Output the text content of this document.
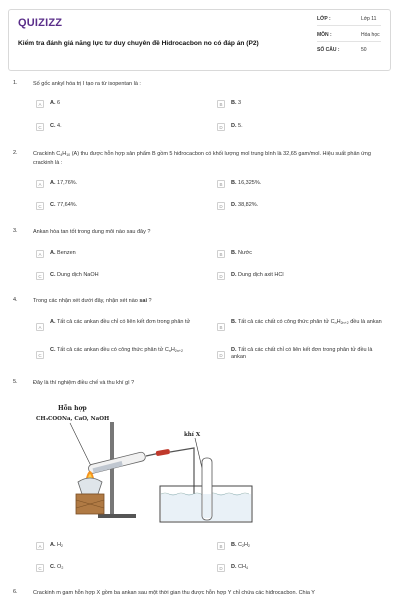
QUIZIZZ
Kiểm tra đánh giá năng lực tư duy chuyên đề Hidrocacbon no có đáp án (P2)
LỚP :	Lớp 11
MÔN :	Hóa học
SỐ CÂU :	50
1.	Số gốc ankyl hóa trị I tạo ra từ isopentan là :
A	A. 6	B	B. 3
C	C. 4.	D	D. 5.
2.	Crackinh $C_4H_{10}$ (A) thu được hỗn hợp sản phẩm B gồm 5 hiđrocacbon có khối lượng mol trung bình là 32,65 gam/mol. Hiệu suất phản ứng crackinh là :
A	A. 17,76%.	B	B. 16,325%.
C	C. 77,64%.	D	D. 38,82%.
3.	Ankan hòa tan tốt trong dung môi nào sau đây ?
A	A. Benzen	B	B. Nước
C	C. Dung dịch NaOH	D	D. Dung dịch axit HCl
4.	Trong các nhận xét dưới đây, nhận xét nào sai ?
A
A. Tất cả các ankan đều chỉ có liên kết đơn trong phân tử
B
B. Tất cả các chất có công thức phân tử $C_nH_{2n+2}$ đều là ankan
C
C. Tất cả các ankan đều có công thức phân tử $C_nH_{2n+2}$
D
D. Tất cả các chất chỉ có liên kết đơn trong phân tử đều là ankan
5.	Đây là thí nghiệm điều chế và thu khí gì ?
Hỗn hợp
CH₃COONa, CaO, NaOH
khí X
A	A. $H_2$	B	B. $C_2H_2$
C	C. $O_2$	D	D. $CH_4$
6.	Crackinh m gam hỗn hợp X gồm ba ankan sau một thời gian thu được hỗn hợp Y chỉ chứa các hiđrocacbon. Chia Y
